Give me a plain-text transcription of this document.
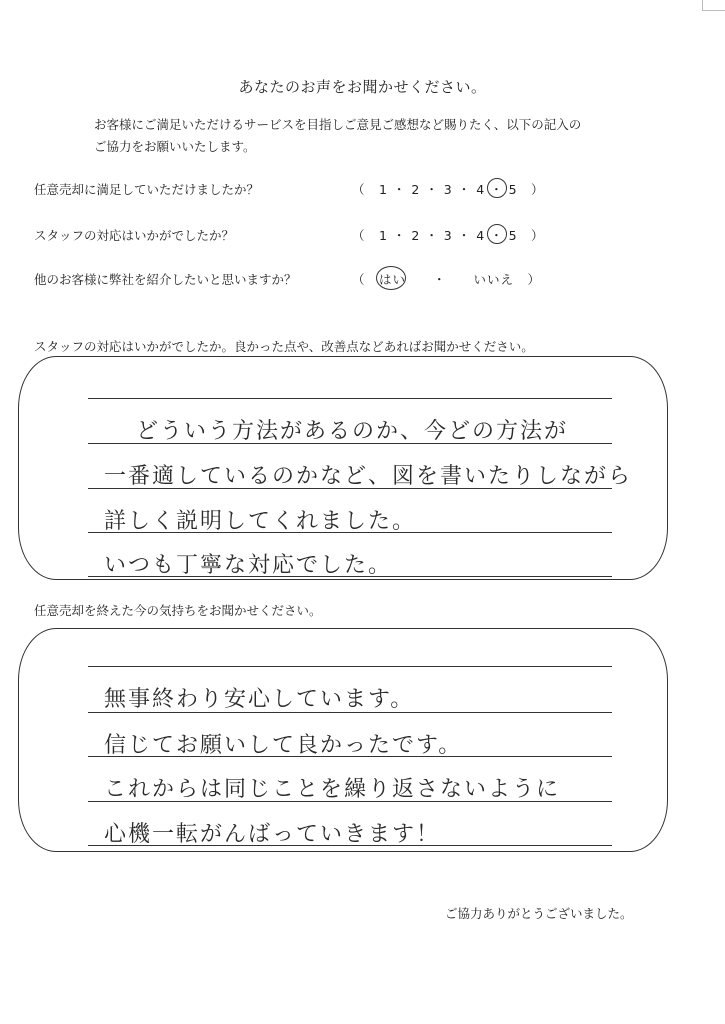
あなたのお声をお聞かせください。
お客様にご満足いただけるサービスを目指しご意見ご感想など賜りたく、以下の記入の
ご協力をお願いいたします。
任意売却に満足していただけましたか？	（　1 ・ 2 ・ 3 ・ 4 ・ 5　）
スタッフの対応はいかがでしたか？	（　1 ・ 2 ・ 3 ・ 4 ・ 5　）
他のお客様に弊社を紹介したいと思いますか？	（　はい　　・　　いいえ　）
スタッフの対応はいかがでしたか。良かった点や、改善点などあればお聞かせください。
どういう方法があるのか、今どの方法が
一番適しているのかなど、図を書いたりしながら
詳しく説明してくれました。
いつも丁寧な対応でした。
任意売却を終えた今の気持ちをお聞かせください。
無事終わり安心しています。
信じてお願いして良かったです。
これからは同じことを繰り返さないように
心機一転がんばっていきます！
ご協力ありがとうございました。
